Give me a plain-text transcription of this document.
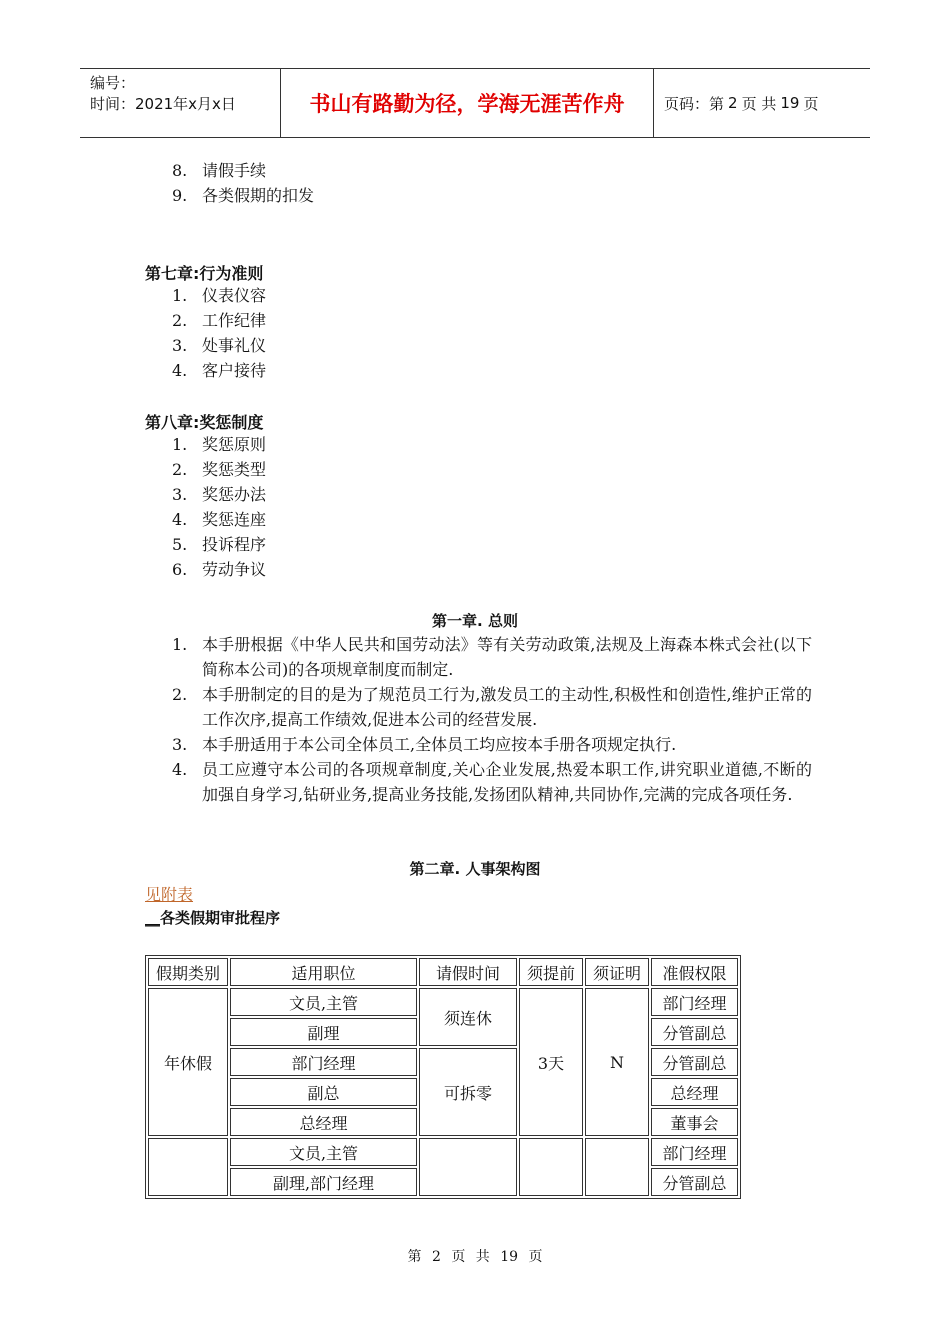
编号：
时间：2021年x月x日	书山有路勤为径，学海无涯苦作舟	页码：第 2 页 共 19 页
8. 请假手续
9. 各类假期的扣发
第七章:行为准则
1. 仪表仪容
2. 工作纪律
3. 处事礼仪
4. 客户接待
第八章:奖惩制度
1. 奖惩原则
2. 奖惩类型
3. 奖惩办法
4. 奖惩连座
5. 投诉程序
6. 劳动争议
第一章. 总则
1. 本手册根据《中华人民共和国劳动法》等有关劳动政策,法规及上海森本株式会社(以下简称本公司)的各项规章制度而制定.
2. 本手册制定的目的是为了规范员工行为,激发员工的主动性,积极性和创造性,维护正常的工作次序,提高工作绩效,促进本公司的经营发展.
3. 本手册适用于本公司全体员工,全体员工均应按本手册各项规定执行.
4. 员工应遵守本公司的各项规章制度,关心企业发展,热爱本职工作,讲究职业道德,不断的加强自身学习,钻研业务,提高业务技能,发扬团队精神,共同协作,完满的完成各项任务.
第二章. 人事架构图
见附表
__各类假期审批程序
假期类别	适用职位	请假时间	须提前	须证明	准假权限
年休假	文员,主管	须连休	3天	N	部门经理
	副理				分管副总
	部门经理	可拆零			分管副总
	副总				总经理
	总经理				董事会
	文员,主管				部门经理
	副理,部门经理				分管副总
第 2 页 共 19 页
